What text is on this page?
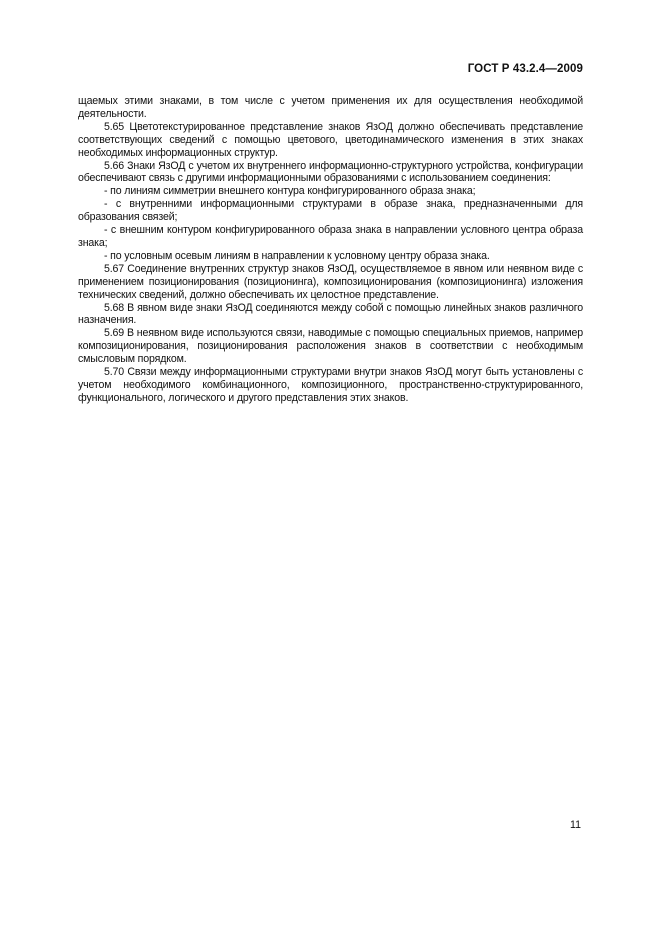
ГОСТ Р 43.2.4—2009

щаемых этими знаками, в том числе с учетом применения их для осуществления необходимой деятельности.

5.65 Цветотекстурированное представление знаков ЯзОД должно обеспечивать представление соответствующих сведений с помощью цветового, цветодинамического изменения в этих знаках необходимых информационных структур.

5.66 Знаки ЯзОД с учетом их внутреннего информационно-структурного устройства, конфигурации обеспечивают связь с другими информационными образованиями с использованием соединения:

- по линиям симметрии внешнего контура конфигурированного образа знака;

- с внутренними информационными структурами в образе знака, предназначенными для образования связей;

- с внешним контуром конфигурированного образа знака в направлении условного центра образа знака;

- по условным осевым линиям в направлении к условному центру образа знака.

5.67 Соединение внутренних структур знаков ЯзОД, осуществляемое в явном или неявном виде с применением позиционирования (позиционинга), композиционирования (композиционинга) изложения технических сведений, должно обеспечивать их целостное представление.

5.68 В явном виде знаки ЯзОД соединяются между собой с помощью линейных знаков различного назначения.

5.69 В неявном виде используются связи, наводимые с помощью специальных приемов, например композиционирования, позиционирования расположения знаков в соответствии с необходимым смысловым порядком.

5.70 Связи между информационными структурами внутри знаков ЯзОД могут быть установлены с учетом необходимого комбинационного, композиционного, пространственно-структурированного, функционального, логического и другого представления этих знаков.

11
